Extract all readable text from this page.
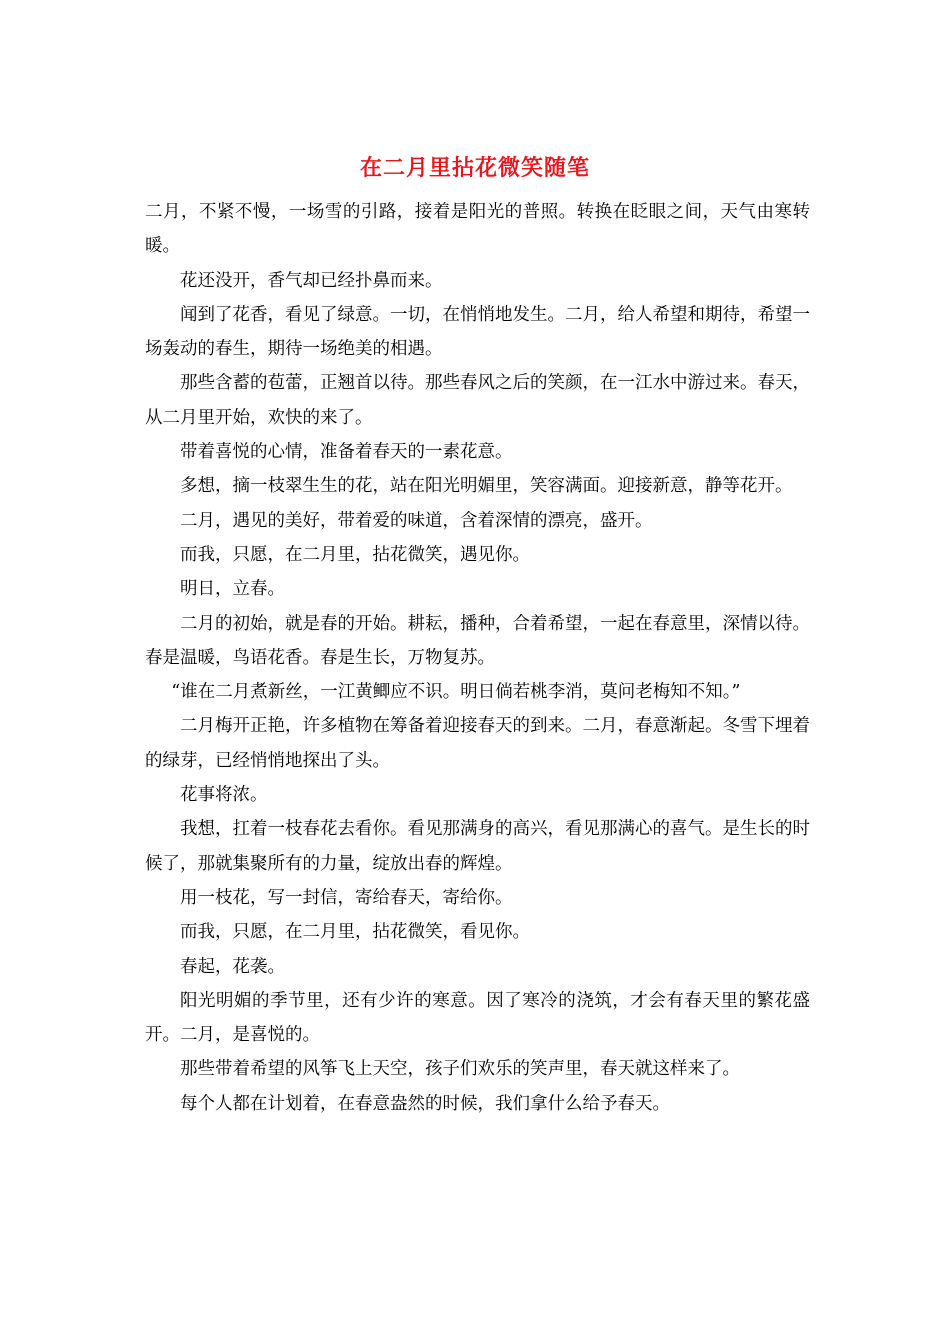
在二月里拈花微笑随笔

二月，不紧不慢，一场雪的引路，接着是阳光的普照。转换在眨眼之间，天气由寒转暖。

花还没开，香气却已经扑鼻而来。

闻到了花香，看见了绿意。一切，在悄悄地发生。二月，给人希望和期待，希望一场轰动的春生，期待一场绝美的相遇。

那些含蓄的苞蕾，正翘首以待。那些春风之后的笑颜，在一江水中游过来。春天，从二月里开始，欢快的来了。

带着喜悦的心情，准备着春天的一素花意。

多想，摘一枝翠生生的花，站在阳光明媚里，笑容满面。迎接新意，静等花开。

二月，遇见的美好，带着爱的味道，含着深情的漂亮，盛开。

而我，只愿，在二月里，拈花微笑，遇见你。

明日，立春。

二月的初始，就是春的开始。耕耘，播种，合着希望，一起在春意里，深情以待。春是温暖，鸟语花香。春是生长，万物复苏。

“谁在二月煮新丝，一江黄鲫应不识。明日倘若桃李消，莫问老梅知不知。”

二月梅开正艳，许多植物在筹备着迎接春天的到来。二月，春意渐起。冬雪下埋着的绿芽，已经悄悄地探出了头。

花事将浓。

我想，扛着一枝春花去看你。看见那满身的高兴，看见那满心的喜气。是生长的时候了，那就集聚所有的力量，绽放出春的辉煌。

用一枝花，写一封信，寄给春天，寄给你。

而我，只愿，在二月里，拈花微笑，看见你。

春起，花袭。

阳光明媚的季节里，还有少许的寒意。因了寒冷的浇筑，才会有春天里的繁花盛开。二月，是喜悦的。

那些带着希望的风筝飞上天空，孩子们欢乐的笑声里，春天就这样来了。

每个人都在计划着，在春意盎然的时候，我们拿什么给予春天。
